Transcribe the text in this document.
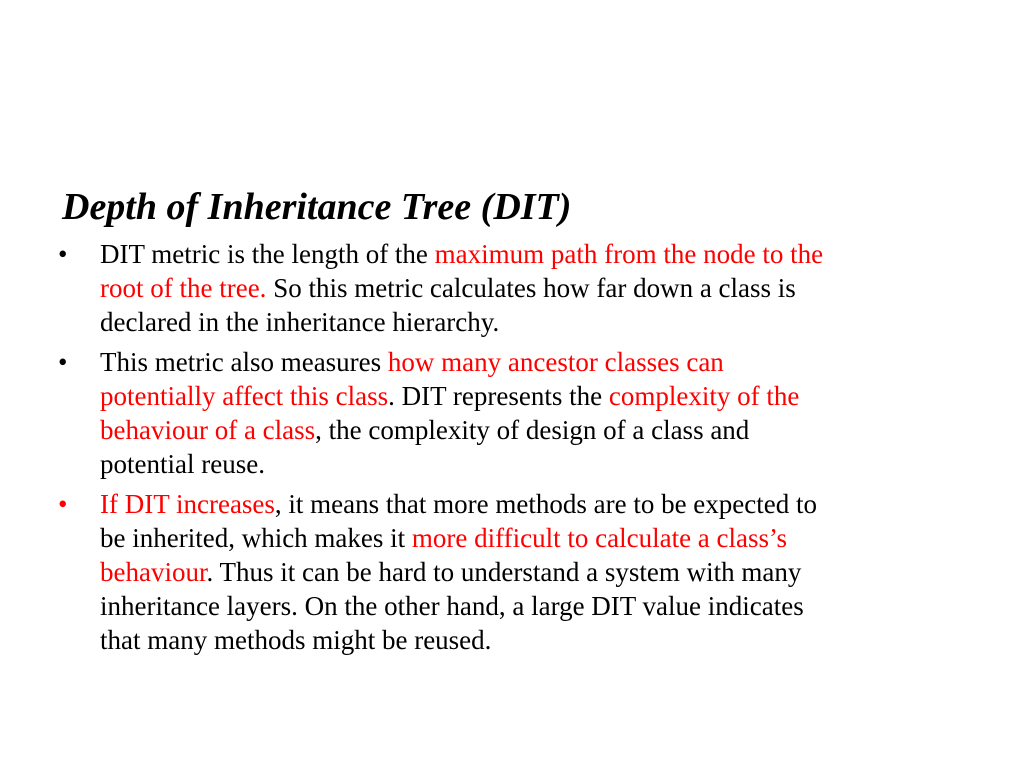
Depth of Inheritance Tree (DIT)
•	DIT metric is the length of the maximum path from the node to the
root of the tree. So this metric calculates how far down a class is
declared in the inheritance hierarchy.
•	This metric also measures how many ancestor classes can
potentially affect this class. DIT represents the complexity of the
behaviour of a class, the complexity of design of a class and
potential reuse.
•	If DIT increases, it means that more methods are to be expected to
be inherited, which makes it more difficult to calculate a class’s
behaviour. Thus it can be hard to understand a system with many
inheritance layers. On the other hand, a large DIT value indicates
that many methods might be reused.
